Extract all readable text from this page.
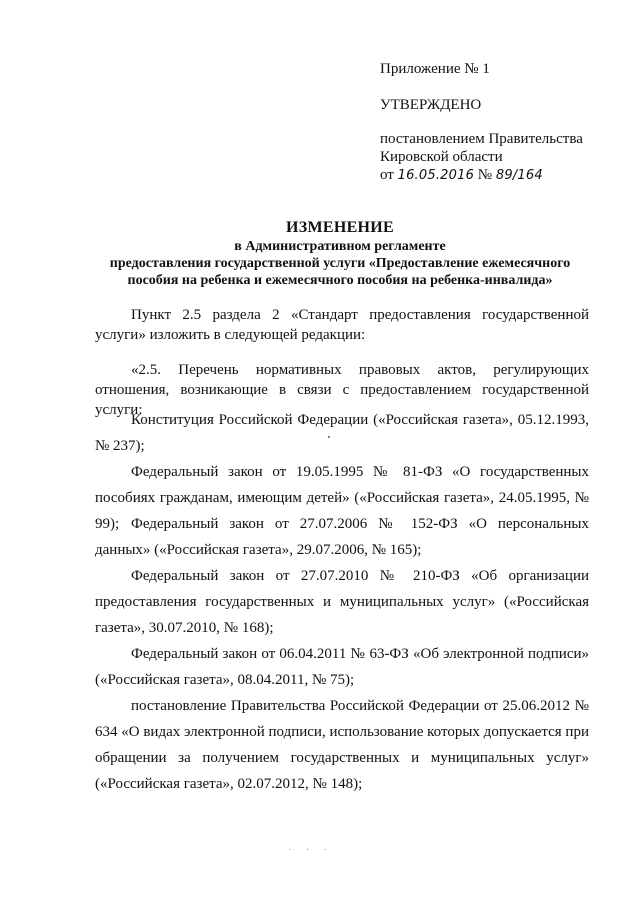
Приложение № 1
УТВЕРЖДЕНО
постановлением Правительства
Кировской области
от 16.05.2016 № 89/164
ИЗМЕНЕНИЕ
в Административном регламенте
предоставления государственной услуги «Предоставление ежемесячного
пособия на ребенка и ежемесячного пособия на ребенка-инвалида»

Пункт 2.5 раздела 2 «Стандарт предоставления государственной услуги» изложить в следующей редакции:

«2.5. Перечень нормативных правовых актов, регулирующих отношения, возникающие в связи с предоставлением государственной услуги:

Конституция Российской Федерации («Российская газета», 05.12.1993, № 237);

Федеральный закон от 19.05.1995 № 81-ФЗ «О государственных пособиях гражданам, имеющим детей» («Российская газета», 24.05.1995, № 99); Федеральный закон от 27.07.2006 № 152-ФЗ «О персональных данных» («Российская газета», 29.07.2006, № 165);

Федеральный закон от 27.07.2010 № 210-ФЗ «Об организации предоставления государственных и муниципальных услуг» («Российская газета», 30.07.2010, № 168);

Федеральный закон от 06.04.2011 № 63-ФЗ «Об электронной подписи» («Российская газета», 08.04.2011, № 75);

постановление Правительства Российской Федерации от 25.06.2012 № 634 «О видах электронной подписи, использование которых допускается при обращении за получением государственных и муниципальных услуг» («Российская газета», 02.07.2012, № 148);

· · ·
